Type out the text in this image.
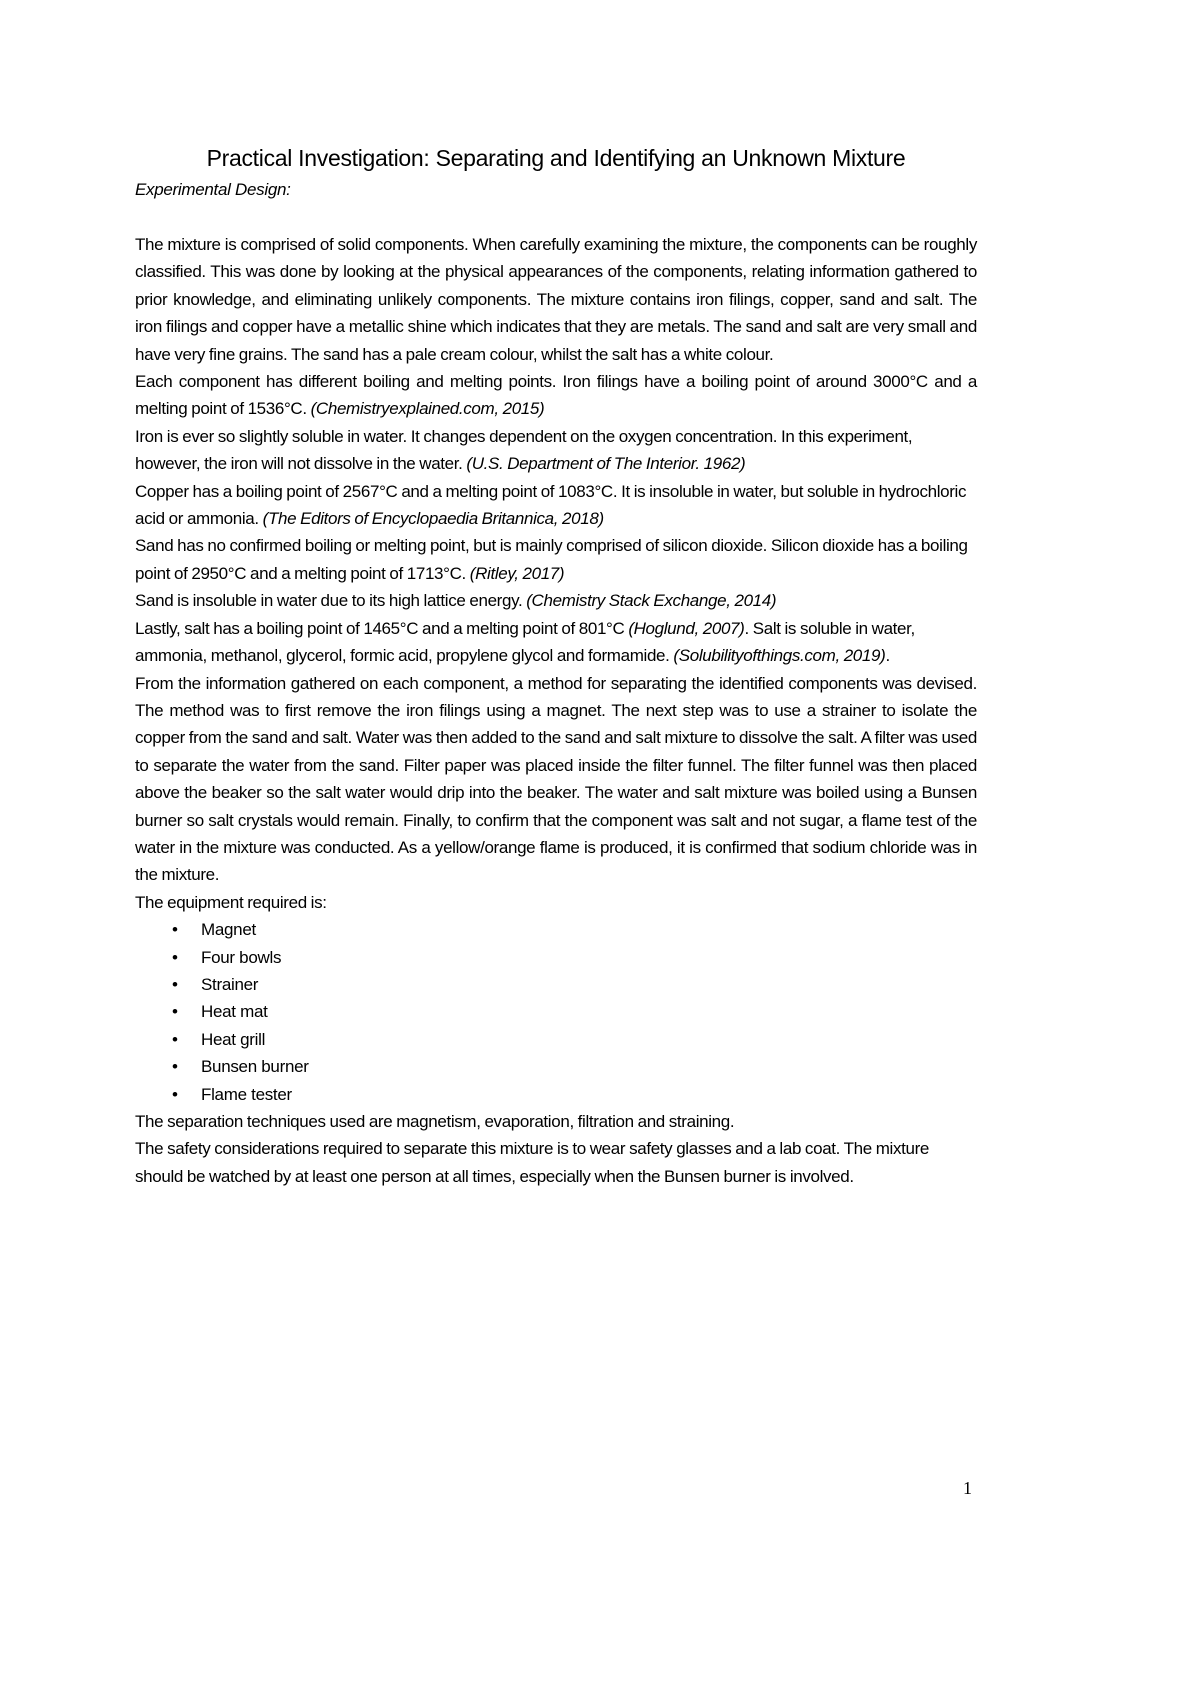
Practical Investigation: Separating and Identifying an Unknown Mixture
Experimental Design:

The mixture is comprised of solid components. When carefully examining the mixture, the components can be roughly classified. This was done by looking at the physical appearances of the components, relating information gathered to prior knowledge, and eliminating unlikely components. The mixture contains iron filings, copper, sand and salt. The iron filings and copper have a metallic shine which indicates that they are metals. The sand and salt are very small and have very fine grains. The sand has a pale cream colour, whilst the salt has a white colour.

Each component has different boiling and melting points. Iron filings have a boiling point of around 3000°C and a melting point of 1536°C. (Chemistryexplained.com, 2015)

Iron is ever so slightly soluble in water. It changes dependent on the oxygen concentration. In this experiment, however, the iron will not dissolve in the water. (U.S. Department of The Interior. 1962)

Copper has a boiling point of 2567°C and a melting point of 1083°C. It is insoluble in water, but soluble in hydrochloric acid or ammonia. (The Editors of Encyclopaedia Britannica, 2018)

Sand has no confirmed boiling or melting point, but is mainly comprised of silicon dioxide. Silicon dioxide has a boiling point of 2950°C and a melting point of 1713°C. (Ritley, 2017)

Sand is insoluble in water due to its high lattice energy. (Chemistry Stack Exchange, 2014)

Lastly, salt has a boiling point of 1465°C and a melting point of 801°C (Hoglund, 2007). Salt is soluble in water, ammonia, methanol, glycerol, formic acid, propylene glycol and formamide. (Solubilityofthings.com, 2019).

From the information gathered on each component, a method for separating the identified components was devised. The method was to first remove the iron filings using a magnet. The next step was to use a strainer to isolate the copper from the sand and salt. Water was then added to the sand and salt mixture to dissolve the salt. A filter was used to separate the water from the sand. Filter paper was placed inside the filter funnel. The filter funnel was then placed above the beaker so the salt water would drip into the beaker. The water and salt mixture was boiled using a Bunsen burner so salt crystals would remain. Finally, to confirm that the component was salt and not sugar, a flame test of the water in the mixture was conducted. As a yellow/orange flame is produced, it is confirmed that sodium chloride was in the mixture.

The equipment required is:

• Magnet
• Four bowls
• Strainer
• Heat mat
• Heat grill
• Bunsen burner
• Flame tester

The separation techniques used are magnetism, evaporation, filtration and straining.

The safety considerations required to separate this mixture is to wear safety glasses and a lab coat. The mixture should be watched by at least one person at all times, especially when the Bunsen burner is involved.

1
